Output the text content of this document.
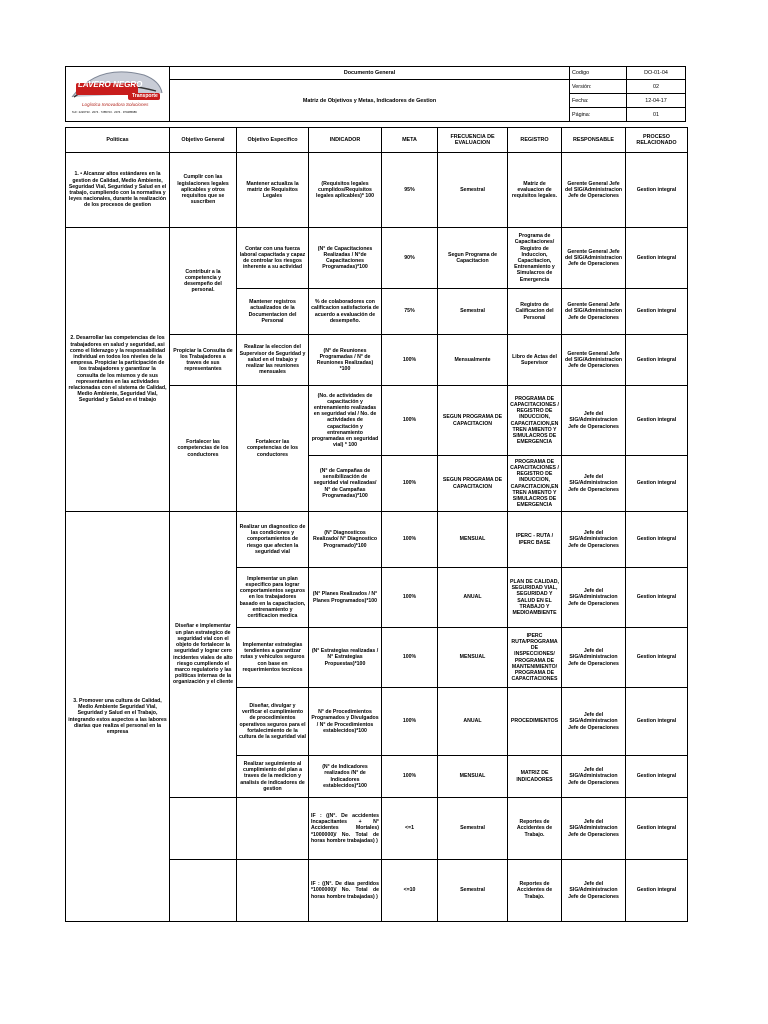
LAVERO NEGRO
Transporte
Logística Innovadora Soluciones
Telf.: 2226733 · 2074 · 7285723 · 2074 · 970485986	Documento General	Codigo	DO-01-04
	Matriz de Objetivos y Metas, Indicadores de Gestion	Versión:	02
		Fecha:	12-04-17
		Página:	01
Politicas	Objetivo General	Objetivo Especifico	INDICADOR	META	FRECUENCIA DE EVALUACION	REGISTRO	RESPONSABLE	PROCESO RELACIONADO
1. • Alcanzar altos estándares en la gestion de Calidad, Medio Ambiente, Seguridad Vial, Seguridad y Salud en el trabajo, cumpliendo con la normativa y leyes nacionales, durante la realización de los procesos de gestion	Cumplir con las legislaciones legales aplicables y otros requisitos que se suscriben	Mantener actualiza la matriz de Requisitos Legales	(Requisitos legales cumplidos/Requisitos legales aplicables)* 100	95%	Semestral	Matriz de evaluacion de requisitos legales.	Gerente General Jefe del SIG/Administracion Jefe de Operaciones	Gestion integral
2. Desarrollar las competencias de los trabajadores en salud y seguridad, asi como el liderazgo y la responsabilidad individual en todos los niveles de la empresa. Propiciar la participación de los trabajadores y garantizar la consulta de los mismos y de sus representantes en las actividades relacionadas con el sistema de Calidad, Medio Ambiente, Seguridad Vial, Seguridad y Salud en el trabajo	Contribuir a la competencia y desempeño del personal.	Contar con una fuerza laboral capacitada y capaz de controlar los riesgos inherente a su actividad	(N° de Capacitaciones Realizadas / N°de Capacitaciones Programadas)*100	90%	Segun Programa de Capacitacion	Programa de Capacitaciones/ Registro de Induccion, Capacitacion, Entrenamiento y Simulacros de Emergencia	Gerente General Jefe del SIG/Administracion Jefe de Operaciones	Gestion integral
		Mantener registros actualizados de la Documentacion del Personal	% de colaboradores con calificacion satisfactoria de acuerdo a evaluación de desempeño.	75%	Semestral	Registro de Calificacion del Personal	Gerente General Jefe del SIG/Administracion Jefe de Operaciones	Gestion integral
	Propiciar la Consulta de los Trabajadores a traves de sus representantes	Realizar la eleccion del Supervisor de Seguridad y salud en el trabajo y realizar las reuniones mensuales	(N° de Reuniones Programadas / N° de Reuniones Realizadas) *100	100%	Mensualmente	Libro de Actas del Supervisor	Gerente General Jefe del SIG/Administracion Jefe de Operaciones	Gestion integral
	Fortalecer las competencias de los conductores	Fortalecer las competencias de los conductores	(No. de actividades de capacitación y entrenamiento realizadas en seguridad vial / No. de actividades de capacitación y entrenamiento programadas en seguridad vial) * 100	100%	SEGUN PROGRAMA DE CAPACITACION	PROGRAMA DE CAPACITACIONES / REGISTRO DE INDUCCION, CAPACITACION,ENTREN AMIENTO Y SIMULACROS DE EMERGENCIA	Jefe del SIG/Administracion Jefe de Operaciones	Gestion integral
			(N° de Campañas de sensibilización de seguridad vial realizadas/ N° de Campañas Programadas)*100	100%	SEGUN PROGRAMA DE CAPACITACION	PROGRAMA DE CAPACITACIONES / REGISTRO DE INDUCCION, CAPACITACION,ENTREN AMIENTO Y SIMULACROS DE EMERGENCIA	Jefe del SIG/Administracion Jefe de Operaciones	Gestion integral
3. Promover una cultura de Calidad, Medio Ambiente Seguridad Vial, Seguridad y Salud en el Trabajo, integrando estos aspectos a las labores diarias que realiza el personal en la empresa	Diseñar e implementar un plan estrategico de seguridad vial con el objeto de fortalecer la seguridad y lograr cero incidentes viales de alto riesgo cumpliendo el marco regulatorio y las políticas internas de la organización y el cliente	Realizar un diagnostico de las condiciones y comportamientos de riesgo que afecten la seguridad vial	(N° Diagnosticos Realizado/ N° Diagnostico Programado)*100	100%	MENSUAL	IPERC - RUTA / IPERC BASE	Jefe del SIG/Administracion Jefe de Operaciones	Gestion integral
		Implementar un plan especifico para lograr comportamientos seguros en los trabajadores basado en la capacitacion, entrenamiento y certificacion medica	(N° Planes Realizados / N° Planes Programados)*100	100%	ANUAL	PLAN DE CALIDAD, SEGURIDAD VIAL, SEGURIDAD Y SALUD EN EL TRABAJO Y MEDIOAMBIENTE	Jefe del SIG/Administracion Jefe de Operaciones	Gestion integral
		Implementar estrategias tendientes a garantizar rutas y vehiculos seguros con base en requerimientos tecnicos	(N° Estrategias realizadas / N° Estrategias Propuestas)*100	100%	MENSUAL	IPERC RUTA/PROGRAMA DE INSPECCIONES/ PROGRAMA DE MANTENIMIENTO/ PROGRAMA DE CAPACITACIONES	Jefe del SIG/Administracion Jefe de Operaciones	Gestion integral
		Diseñar, divulgar y verificar el cumplimiento de procedimientos operativos seguros para el fortalecimiento de la cultura de la seguridad vial	N° de Procedimientos Programados y Divulgados / N° de Procedimientos establecidos)*100	100%	ANUAL	PROCEDIMIENTOS	Jefe del SIG/Administracion Jefe de Operaciones	Gestion integral
		Realizar seguimiento al cumplimiento del plan a traves de la medicion y analisis de indicadores de gestion	(N° de Indicadores realizados /N° de Indicadores establecidos)*100	100%	MENSUAL	MATRIZ DE INDICADORES	Jefe del SIG/Administracion Jefe de Operaciones	Gestion integral
			IF : ((N°. De accidentes Incapacitantes + N° Accidentes Mortales) *1000000)/ No. Total de horas hombre trabajadas) )	<=1	Semestral	Reportes de Accidentes de Trabajo.	Jefe del SIG/Administracion Jefe de Operaciones	Gestion integral
			IF : ((N°. De dias perdidos *1000000)/ No. Total de horas hombre trabajadas) )	<=10	Semestral	Reportes de Accidentes de Trabajo.	Jefe del SIG/Administracion Jefe de Operaciones	Gestion integral
